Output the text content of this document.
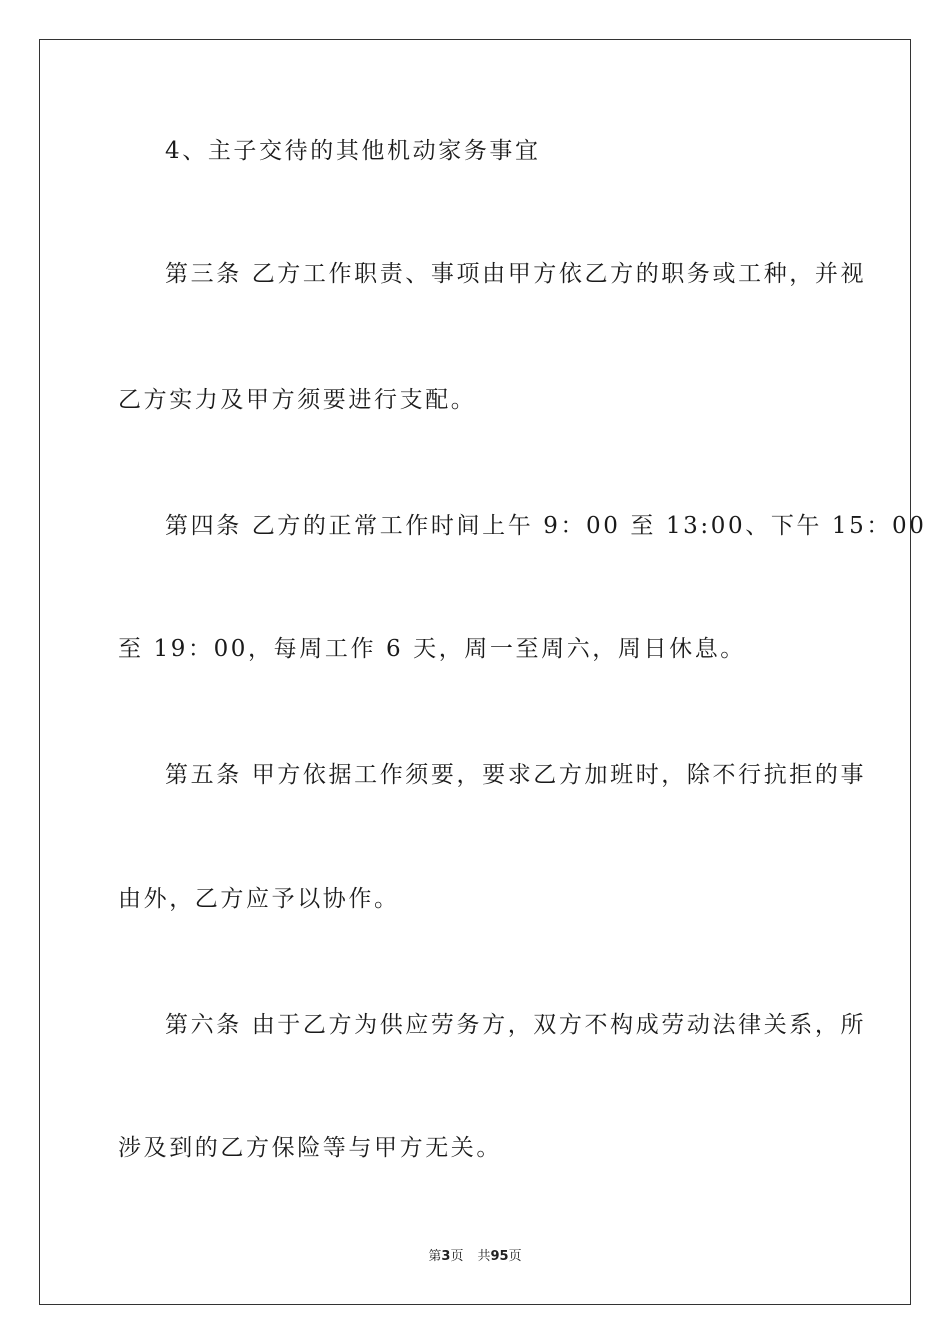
4、主子交待的其他机动家务事宜
第三条 乙方工作职责、事项由甲方依乙方的职务或工种，并视
乙方实力及甲方须要进行支配。
第四条 乙方的正常工作时间上午 9：00 至 13:00、下午 15：00
至 19：00，每周工作 6 天，周一至周六，周日休息。
第五条 甲方依据工作须要，要求乙方加班时，除不行抗拒的事
由外，乙方应予以协作。
第六条 由于乙方为供应劳务方，双方不构成劳动法律关系，所
涉及到的乙方保险等与甲方无关。
第3页 共95页
